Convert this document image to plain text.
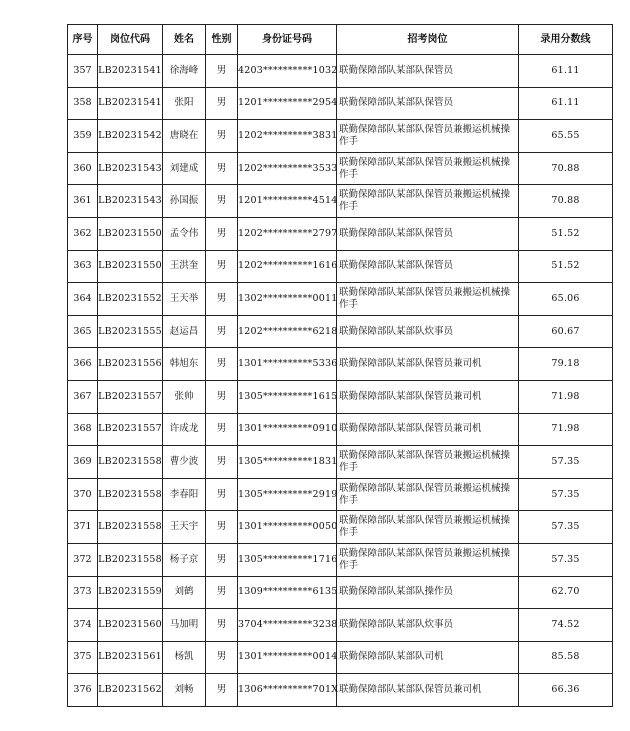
序号	岗位代码	姓名	性别	身份证号码	招考岗位	录用分数线
357	LB20231541	徐海峰	男	4203**********1032	联勤保障部队某部队保管员	61.11
358	LB20231541	张阳	男	1201**********2954	联勤保障部队某部队保管员	61.11
359	LB20231542	唐晓在	男	1202**********3831	联勤保障部队某部队保管员兼搬运机械操作手	65.55
360	LB20231543	刘建成	男	1202**********3533	联勤保障部队某部队保管员兼搬运机械操作手	70.88
361	LB20231543	孙国振	男	1201**********4514	联勤保障部队某部队保管员兼搬运机械操作手	70.88
362	LB20231550	孟令伟	男	1202**********2797	联勤保障部队某部队保管员	51.52
363	LB20231550	王洪奎	男	1202**********1616	联勤保障部队某部队保管员	51.52
364	LB20231552	王天举	男	1302**********0011	联勤保障部队某部队保管员兼搬运机械操作手	65.06
365	LB20231555	赵运昌	男	1202**********6218	联勤保障部队某部队炊事员	60.67
366	LB20231556	韩旭东	男	1301**********5336	联勤保障部队某部队保管员兼司机	79.18
367	LB20231557	张帅	男	1305**********1615	联勤保障部队某部队保管员兼司机	71.98
368	LB20231557	许成龙	男	1301**********0910	联勤保障部队某部队保管员兼司机	71.98
369	LB20231558	曹少波	男	1305**********1831	联勤保障部队某部队保管员兼搬运机械操作手	57.35
370	LB20231558	李春阳	男	1305**********2919	联勤保障部队某部队保管员兼搬运机械操作手	57.35
371	LB20231558	王天宇	男	1301**********0050	联勤保障部队某部队保管员兼搬运机械操作手	57.35
372	LB20231558	杨子京	男	1305**********1716	联勤保障部队某部队保管员兼搬运机械操作手	57.35
373	LB20231559	刘鹤	男	1309**********6135	联勤保障部队某部队操作员	62.70
374	LB20231560	马加明	男	3704**********3238	联勤保障部队某部队炊事员	74.52
375	LB20231561	杨凯	男	1301**********0014	联勤保障部队某部队司机	85.58
376	LB20231562	刘畅	男	1306**********701X	联勤保障部队某部队保管员兼司机	66.36
